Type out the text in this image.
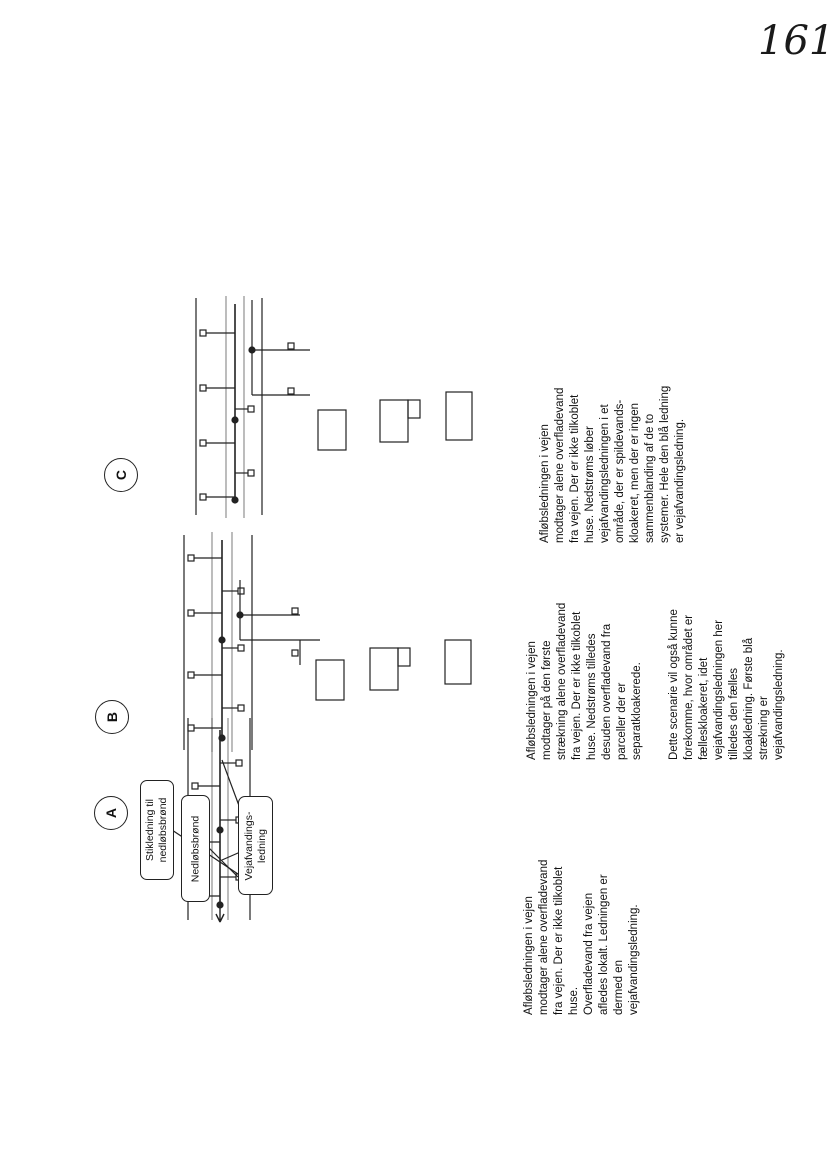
161
A
B
C
Stikledning til nedløbsbrønd Nedløbsbrønd	Vejafvandings- ledning
Afløbsledningen i vejen modtager alene overfladevand fra vejen. Der er ikke tilkoblet huse. Overfladevand fra vejen afledes lokalt. Ledningen er dermed en vejafvandingsledning.
Afløbsledningen i vejen modtager på den første strækning alene overfladevand fra vejen. Der er ikke tilkoblet huse. Nedstrøms tilledes desuden overfladevand fra parceller der er separatkloakerede. Dette scenarie vil også kunne forekomme, hvor området er fælleskloakeret, idet vejafvandingsledningen her tilledes den fælles kloakledning. Første blå strækning er vejafvandingsledning.
Afløbsledningen i vejen modtager alene overfladevand fra vejen. Der er ikke tilkoblet huse. Nedstrøms løber vejafvandingsledningen i et område, der er spildevands- kloakeret, men der er ingen sammenblanding af de to systemer. Hele den blå ledning er vejafvandingsledning.
